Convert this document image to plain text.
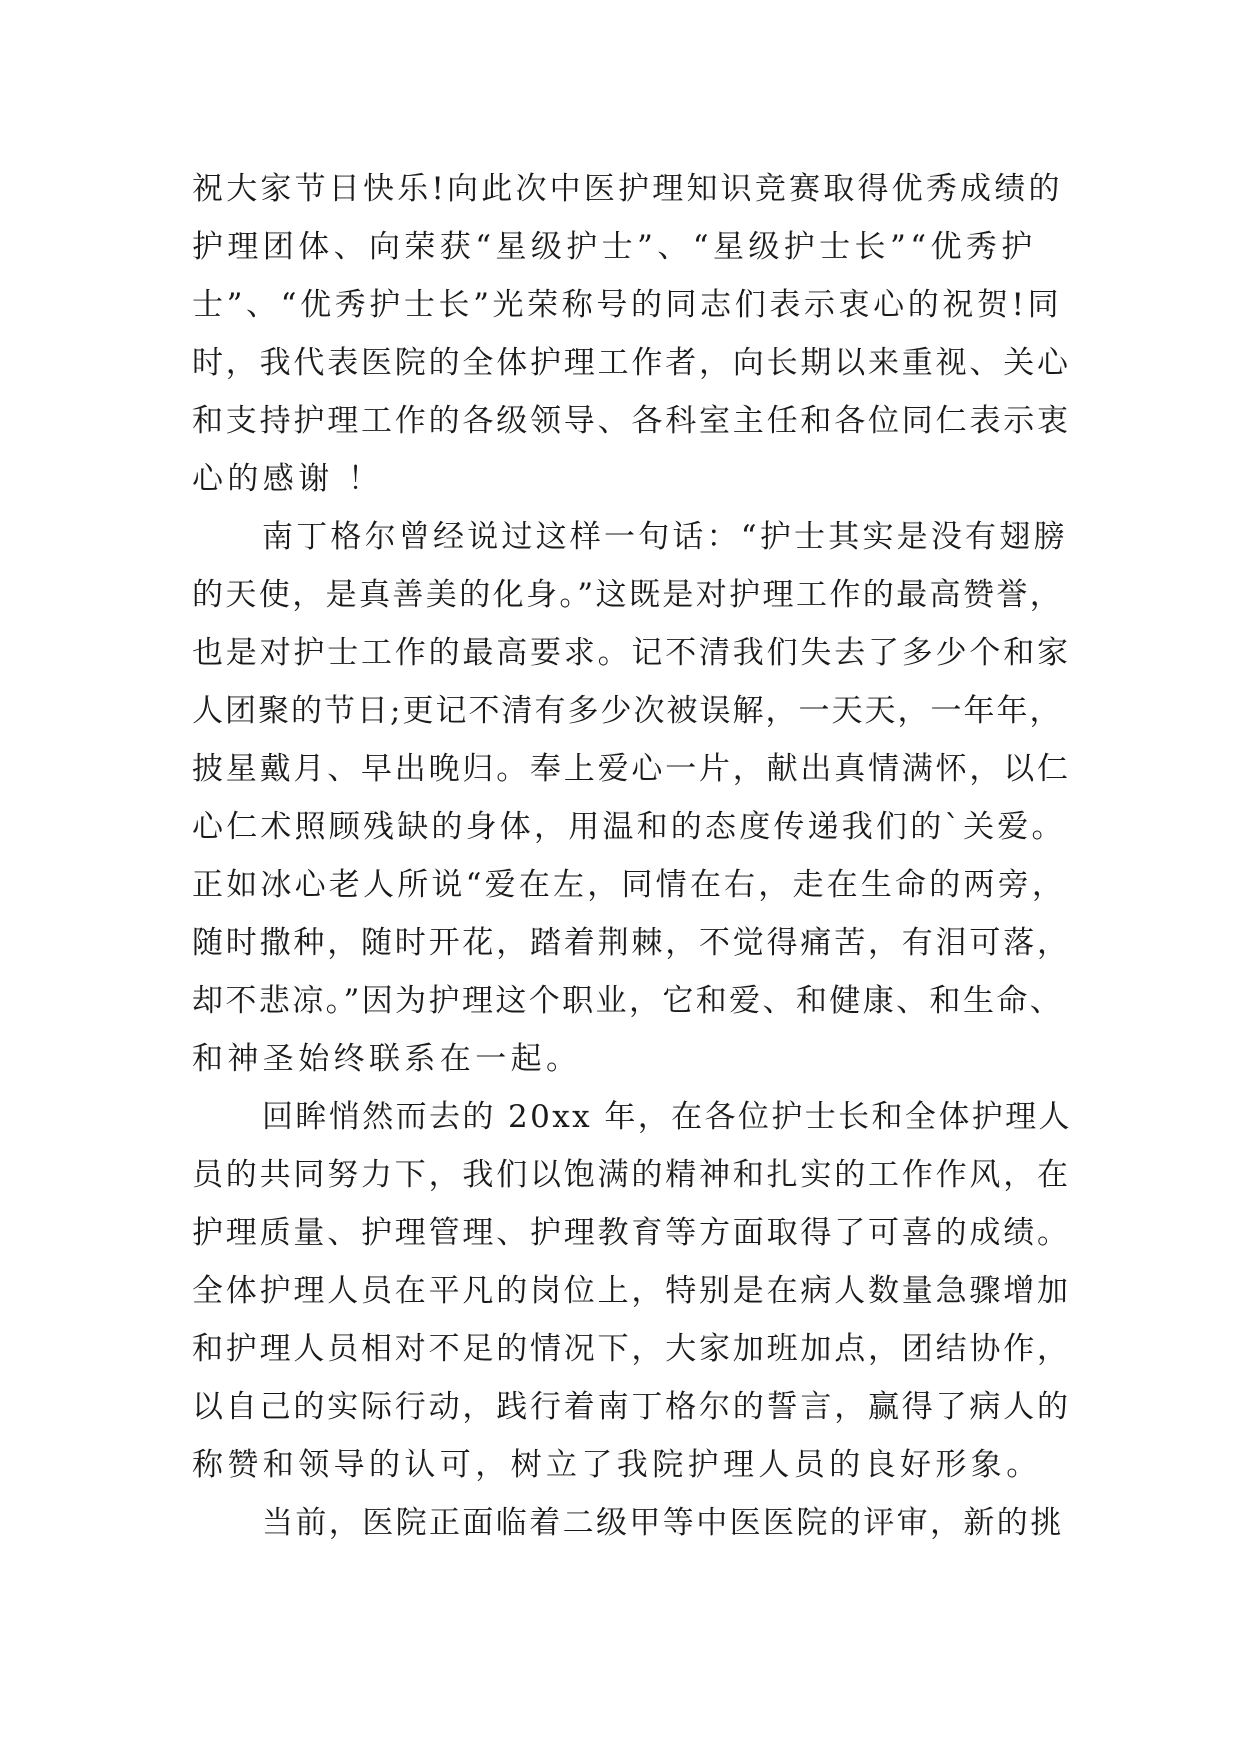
祝大家节日快乐!向此次中医护理知识竞赛取得优秀成绩的
护理团体、向荣获“星级护士”、“星级护士长”“优秀护
士”、“优秀护士长”光荣称号的同志们表示衷心的祝贺!同
时，我代表医院的全体护理工作者，向长期以来重视、关心
和支持护理工作的各级领导、各科室主任和各位同仁表示衷
心的感谢 ！
南丁格尔曾经说过这样一句话：“护士其实是没有翅膀
的天使，是真善美的化身。”这既是对护理工作的最高赞誉，
也是对护士工作的最高要求。记不清我们失去了多少个和家
人团聚的节日;更记不清有多少次被误解，一天天，一年年，
披星戴月、早出晚归。奉上爱心一片，献出真情满怀，以仁
心仁术照顾残缺的身体，用温和的态度传递我们的`关爱。
正如冰心老人所说“爱在左，同情在右，走在生命的两旁，
随时撒种，随时开花，踏着荆棘，不觉得痛苦，有泪可落，
却不悲凉。”因为护理这个职业，它和爱、和健康、和生命、
和神圣始终联系在一起。
回眸悄然而去的 20xx 年，在各位护士长和全体护理人
员的共同努力下，我们以饱满的精神和扎实的工作作风，在
护理质量、护理管理、护理教育等方面取得了可喜的成绩。
全体护理人员在平凡的岗位上，特别是在病人数量急骤增加
和护理人员相对不足的情况下，大家加班加点，团结协作，
以自己的实际行动，践行着南丁格尔的誓言，赢得了病人的
称赞和领导的认可，树立了我院护理人员的良好形象。
当前，医院正面临着二级甲等中医医院的评审，新的挑
